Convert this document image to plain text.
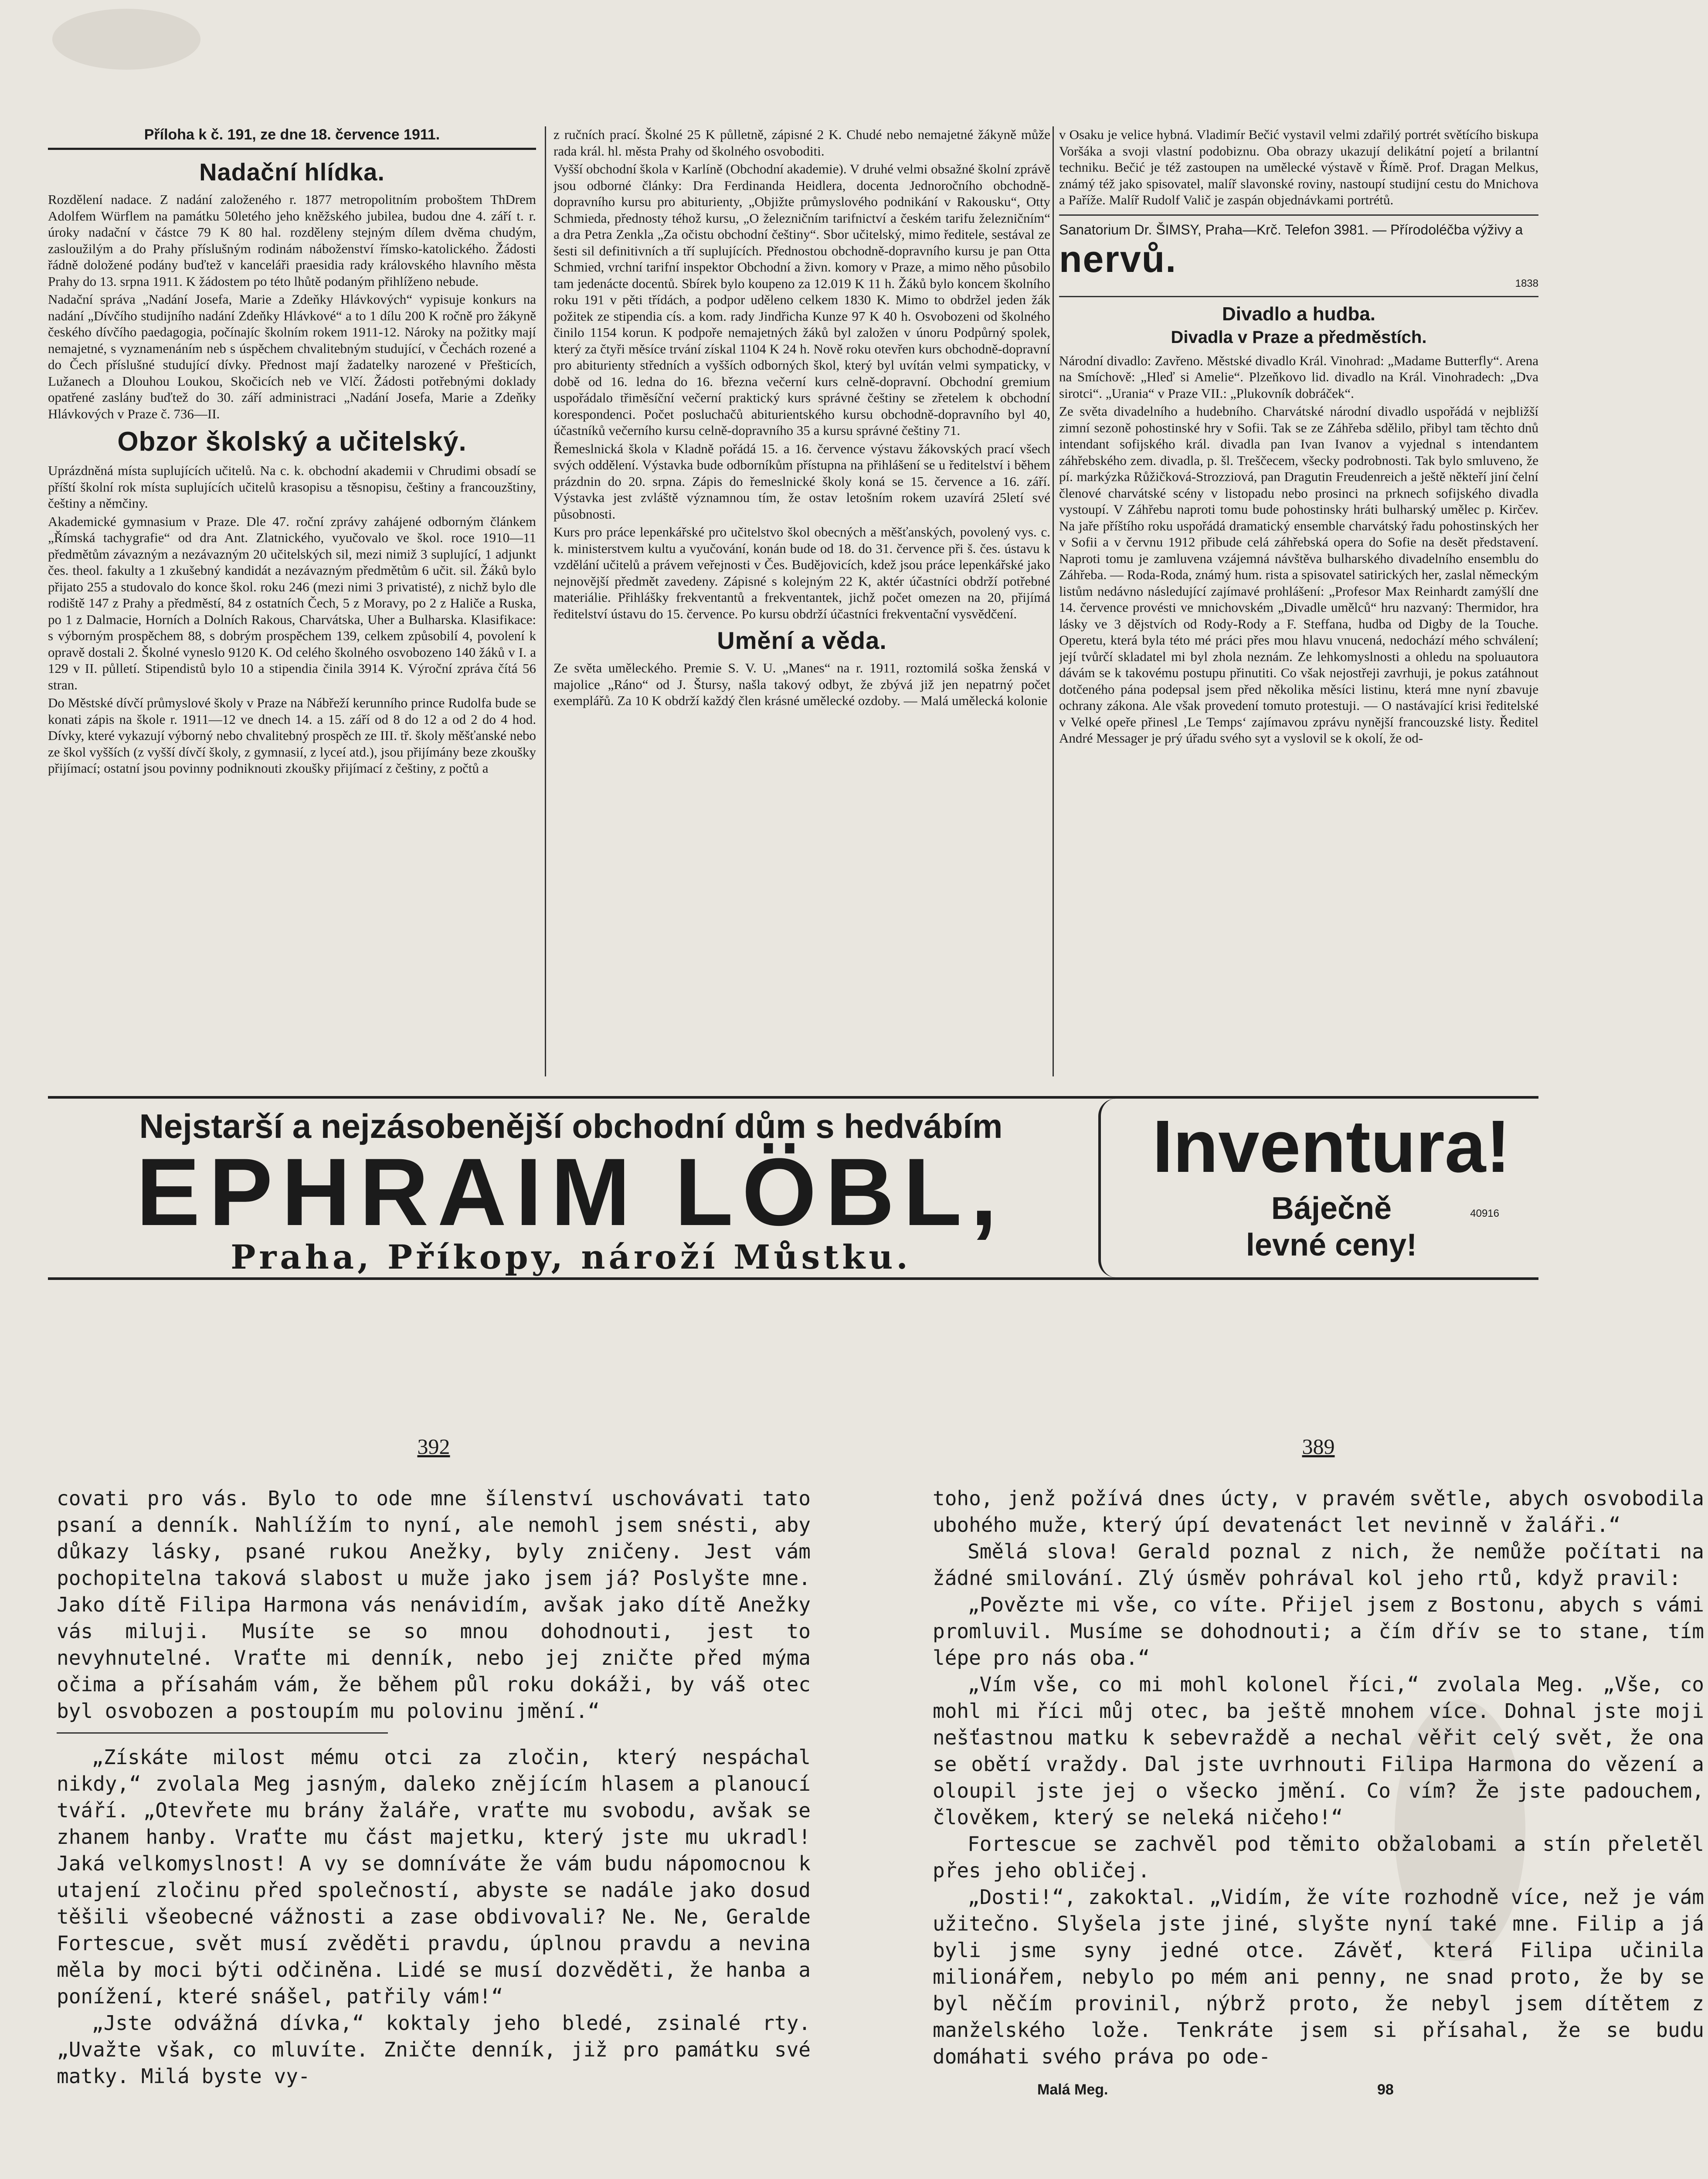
Příloha k č. 191, ze dne 18. července 1911.
Nadační hlídka.

Rozdělení nadace. Z nadání založeného r. 1877 metropolitním proboštem ThDrem Adolfem Würflem na památku 50letého jeho kněžského jubilea, budou dne 4. září t. r. úroky nadační v částce 79 K 80 hal. rozděleny stejným dílem dvěma chudým, zasloužilým a do Prahy příslušným rodinám náboženství římsko-katolického. Žádosti řádně doložené podány buďtež v kanceláři praesidia rady královského hlavního města Prahy do 13. srpna 1911. K žádostem po této lhůtě podaným přihlíženo nebude.

Nadační správa „Nadání Josefa, Marie a Zdeňky Hlávkových“ vypisuje konkurs na nadání „Dívčího studijního nadání Zdeňky Hlávkové“ a to 1 dílu 200 K ročně pro žákyně českého dívčího paedagogia, počínajíc školním rokem 1911-12. Nároky na požitky mají nemajetné, s vyznamenáním neb s úspěchem chvalitebným studující, v Čechách rozené a do Čech příslušné studující dívky. Přednost mají žadatelky narozené v Přešticích, Lužanech a Dlouhou Loukou, Skočicích neb ve Vlčí. Žádosti potřebnými doklady opatřené zaslány buďtež do 30. září administraci „Nadání Josefa, Marie a Zdeňky Hlávkových v Praze č. 736—II.

Obzor školský a učitelský.

Uprázdněná místa suplujících učitelů. Na c. k. obchodní akademii v Chrudimi obsadí se příští školní rok místa suplujících učitelů krasopisu a těsnopisu, češtiny a francouzštiny, češtiny a němčiny.

Akademické gymnasium v Praze. Dle 47. roční zprávy zahájené odborným článkem „Římská tachygrafie“ od dra Ant. Zlatnického, vyučovalo ve škol. roce 1910—11 předmětům závazným a nezávazným 20 učitelských sil, mezi nimiž 3 suplující, 1 adjunkt čes. theol. fakulty a 1 zkušebný kandidát a nezávazným předmětům 6 učit. sil. Žáků bylo přijato 255 a studovalo do konce škol. roku 246 (mezi nimi 3 privatisté), z nichž bylo dle rodiště 147 z Prahy a předměstí, 84 z ostatních Čech, 5 z Moravy, po 2 z Haliče a Ruska, po 1 z Dalmacie, Horních a Dolních Rakous, Charvátska, Uher a Bulharska. Klasifikace: s výborným prospěchem 88, s dobrým prospěchem 139, celkem způsobilí 4, povolení k opravě dostali 2. Školné vyneslo 9120 K. Od celého školného osvobozeno 140 žáků v I. a 129 v II. půlletí. Stipendistů bylo 10 a stipendia činila 3914 K. Výroční zpráva čítá 56 stran.

Do Městské dívčí průmyslové školy v Praze na Nábřeží kerunního prince Rudolfa bude se konati zápis na škole r. 1911—12 ve dnech 14. a 15. září od 8 do 12 a od 2 do 4 hod. Dívky, které vykazují výborný nebo chvalitebný prospěch ze III. tř. školy měšťanské nebo ze škol vyšších (z vyšší dívčí školy, z gymnasií, z lyceí atd.), jsou přijímány beze zkoušky přijímací; ostatní jsou povinny podniknouti zkoušky přijímací z češtiny, z počtů a

z ručních prací. Školné 25 K půlletně, zápisné 2 K. Chudé nebo nemajetné žákyně může rada král. hl. města Prahy od školného osvoboditi.

Vyšší obchodní škola v Karlíně (Obchodní akademie). V druhé velmi obsažné školní zprávě jsou odborné články: Dra Ferdinanda Heidlera, docenta Jednoročního obchodně-dopravního kursu pro abiturienty, „Objižte průmyslového podnikání v Rakousku“, Otty Schmieda, přednosty téhož kursu, „O železničním tarifnictví a českém tarifu železničním“ a dra Petra Zenkla „Za očistu obchodní češtiny“. Sbor učitelský, mimo ředitele, sestával ze šesti sil definitivních a tří suplujících. Přednostou obchodně-dopravního kursu je pan Otta Schmied, vrchní tarifní inspektor Obchodní a živn. komory v Praze, a mimo něho působilo tam jedenácte docentů. Sbírek bylo koupeno za 12.019 K 11 h. Žáků bylo koncem školního roku 191 v pěti třídách, a podpor uděleno celkem 1830 K. Mimo to obdržel jeden žák požitek ze stipendia cís. a kom. rady Jindřicha Kunze 97 K 40 h. Osvobozeni od školného činilo 1154 korun. K podpoře nemajetných žáků byl založen v únoru Podpůrný spolek, který za čtyři měsíce trvání získal 1104 K 24 h. Nově roku otevřen kurs obchodně-dopravní pro abiturienty středních a vyšších odborných škol, který byl uvítán velmi sympaticky, v době od 16. ledna do 16. března večerní kurs celně-dopravní. Obchodní gremium uspořádalo třiměsíční večerní praktický kurs správné češtiny se zřetelem k obchodní korespondenci. Počet posluchačů abiturientského kursu obchodně-dopravního byl 40, účastníků večerního kursu celně-dopravního 35 a kursu správné češtiny 71.

Řemeslnická škola v Kladně pořádá 15. a 16. července výstavu žákovských prací všech svých oddělení. Výstavka bude odborníkům přístupna na přihlášení se u ředitelství i během prázdnin do 20. srpna. Zápis do řemeslnické školy koná se 15. července a 16. září. Výstavka jest zvláště významnou tím, že ostav letošním rokem uzavírá 25letí své působnosti.

Kurs pro práce lepenkářské pro učitelstvo škol obecných a měšťanských, povolený vys. c. k. ministerstvem kultu a vyučování, konán bude od 18. do 31. července při š. čes. ústavu k vzdělání učitelů a právem veřejnosti v Čes. Budějovicích, kdež jsou práce lepenkářské jako nejnovější předmět zavedeny. Zápisné s kolejným 22 K, aktér účastníci obdrží potřebné materiálie. Přihlášky frekventantů a frekventantek, jichž počet omezen na 20, přijímá ředitelství ústavu do 15. července. Po kursu obdrží účastníci frekventační vysvědčení.

Umění a věda.

Ze světa uměleckého. Premie S. V. U. „Manes“ na r. 1911, roztomilá soška ženská v majolice „Ráno“ od J. Štursy, našla takový odbyt, že zbývá již jen nepatrný počet exemplářů. Za 10 K obdrží každý člen krásné umělecké ozdoby. — Malá umělecká kolonie

v Osaku je velice hybná. Vladimír Bečić vystavil velmi zdařilý portrét světícího biskupa Voršáka a svoji vlastní podobiznu. Oba obrazy ukazují delikátní pojetí a brilantní techniku. Bečić je též zastoupen na umělecké výstavě v Římě. Prof. Dragan Melkus, známý též jako spisovatel, malíř slavonské roviny, nastoupí studijní cestu do Mnichova a Paříže. Malíř Rudolf Valič je zaspán objednávkami portrétů.

Sanatorium Dr. ŠIMSY, Praha—Krč. Telefon 3981. — Přírodoléčba výživy a nervů.
1838
Divadlo a hudba.
Divadla v Praze a předměstích.

Národní divadlo: Zavřeno. Městské divadlo Král. Vinohrad: „Madame Butterfly“. Arena na Smíchově: „Hleď si Amelie“. Plzeňkovo lid. divadlo na Král. Vinohradech: „Dva sirotci“. „Urania“ v Praze VII.: „Plukovník dobráček“.

Ze světa divadelního a hudebního. Charvátské národní divadlo uspořádá v nejbližší zimní sezoně pohostinské hry v Sofii. Tak se ze Záhřeba sdělilo, přibyl tam těchto dnů intendant sofijského král. divadla pan Ivan Ivanov a vyjednal s intendantem záhřebského zem. divadla, p. šl. Treščecem, všecky podrobnosti. Tak bylo smluveno, že pí. markýzka Růžičková-Strozziová, pan Dragutin Freudenreich a ještě někteří jiní čelní členové charvátské scény v listopadu nebo prosinci na prknech sofijského divadla vystoupí. V Záhřebu naproti tomu bude pohostinsky hráti bulharský umělec p. Kirčev. Na jaře příštího roku uspořádá dramatický ensemble charvátský řadu pohostinských her v Sofii a v červnu 1912 přibude celá záhřebská opera do Sofie na desět představení. Naproti tomu je zamluvena vzájemná návštěva bulharského divadelního ensemblu do Záhřeba. — Roda-Roda, známý hum. rista a spisovatel satirických her, zaslal německým listům nedávno následující zajímavé prohlášení: „Profesor Max Reinhardt zamýšlí dne 14. července provésti ve mnichovském „Divadle umělců“ hru nazvaný: Thermidor, hra lásky ve 3 dějstvích od Rody-Rody a F. Steffana, hudba od Digby de la Touche. Operetu, která byla této mé práci přes mou hlavu vnucená, nedochází mého schválení; její tvůrčí skladatel mi byl zhola neznám. Ze lehkomyslnosti a ohledu na spoluautora dávám se k takovému postupu přinutiti. Co však nejostřeji zavrhuji, je pokus zatáhnout dotčeného pána podepsal jsem před několika měsíci listinu, která mne nyní zbavuje ochrany zákona. Ale však provedení tomuto protestuji. — O nastávající krisi ředitelské v Velké opeře přinesl ‚Le Temps‘ zajímavou zprávu nynější francouzské listy. Ředitel André Messager je prý úřadu svého syt a vyslovil se k okolí, že od-

Nejstarší a nejzásobenější obchodní dům s hedvábím
EPHRAIM LÖBL,
Praha, Příkopy, nároží Můstku.
Inventura!
Báječně
levné ceny!
40916
392

covati pro vás. Bylo to ode mne šílenství uschovávati tato psaní a denník. Nahlížím to nyní, ale nemohl jsem snésti, aby důkazy lásky, psané rukou Anežky, byly zničeny. Jest vám pochopitelna taková slabost u muže jako jsem já? Poslyšte mne. Jako dítě Filipa Harmona vás nenávidím, avšak jako dítě Anežky vás miluji. Musíte se so mnou dohodnouti, jest to nevyhnutelné. Vraťte mi denník, nebo jej zničte před mýma očima a přísahám vám, že během půl roku dokáži, by váš otec byl osvobozen a postoupím mu polovinu jmění.“

„Získáte milost mému otci za zločin, který nespáchal nikdy,“ zvolala Meg jasným, daleko znějícím hlasem a planoucí tváří. „Otevřete mu brány žaláře, vraťte mu svobodu, avšak se zhanem hanby. Vraťte mu část majetku, který jste mu ukradl! Jaká velkomyslnost! A vy se domníváte že vám budu nápomocnou k utajení zločinu před společností, abyste se nadále jako dosud těšili všeobecné vážnosti a zase obdivovali? Ne. Ne, Geralde Fortescue, svět musí zvěděti pravdu, úplnou pravdu a nevina měla by moci býti odčiněna. Lidé se musí dozvěděti, že hanba a ponížení, které snášel, patřily vám!“

„Jste odvážná dívka,“ koktaly jeho bledé, zsinalé rty. „Uvažte však, co mluvíte. Zničte denník, již pro památku své matky. Milá byste vy-

389

toho, jenž požívá dnes úcty, v pravém světle, abych osvobodila ubohého muže, který úpí devatenáct let nevinně v žaláři.“

Smělá slova! Gerald poznal z nich, že nemůže počítati na žádné smilování. Zlý úsměv pohrával kol jeho rtů, když pravil:

„Povězte mi vše, co víte. Přijel jsem z Bostonu, abych s vámi promluvil. Musíme se dohodnouti; a čím dřív se to stane, tím lépe pro nás oba.“

„Vím vše, co mi mohl kolonel říci,“ zvolala Meg. „Vše, co mohl mi říci můj otec, ba ještě mnohem více. Dohnal jste moji nešťastnou matku k sebevraždě a nechal věřit celý svět, že ona se obětí vraždy. Dal jste uvrhnouti Filipa Harmona do vězení a oloupil jste jej o všecko jmění. Co vím? Že jste padouchem, člověkem, který se neleká ničeho!“

Fortescue se zachvěl pod těmito obžalobami a stín přeletěl přes jeho obličej.

„Dosti!“, zakoktal. „Vidím, že víte rozhodně více, než je vám užitečno. Slyšela jste jiné, slyšte nyní také mne. Filip a já byli jsme syny jedné otce. Závěť, která Filipa učinila milionářem, nebylo po mém ani penny, ne snad proto, že by se byl něčím provinil, nýbrž proto, že nebyl jsem dítětem z manželského lože. Tenkráte jsem si přísahal, že se budu domáhati svého práva po ode-

Malá Meg.	98
